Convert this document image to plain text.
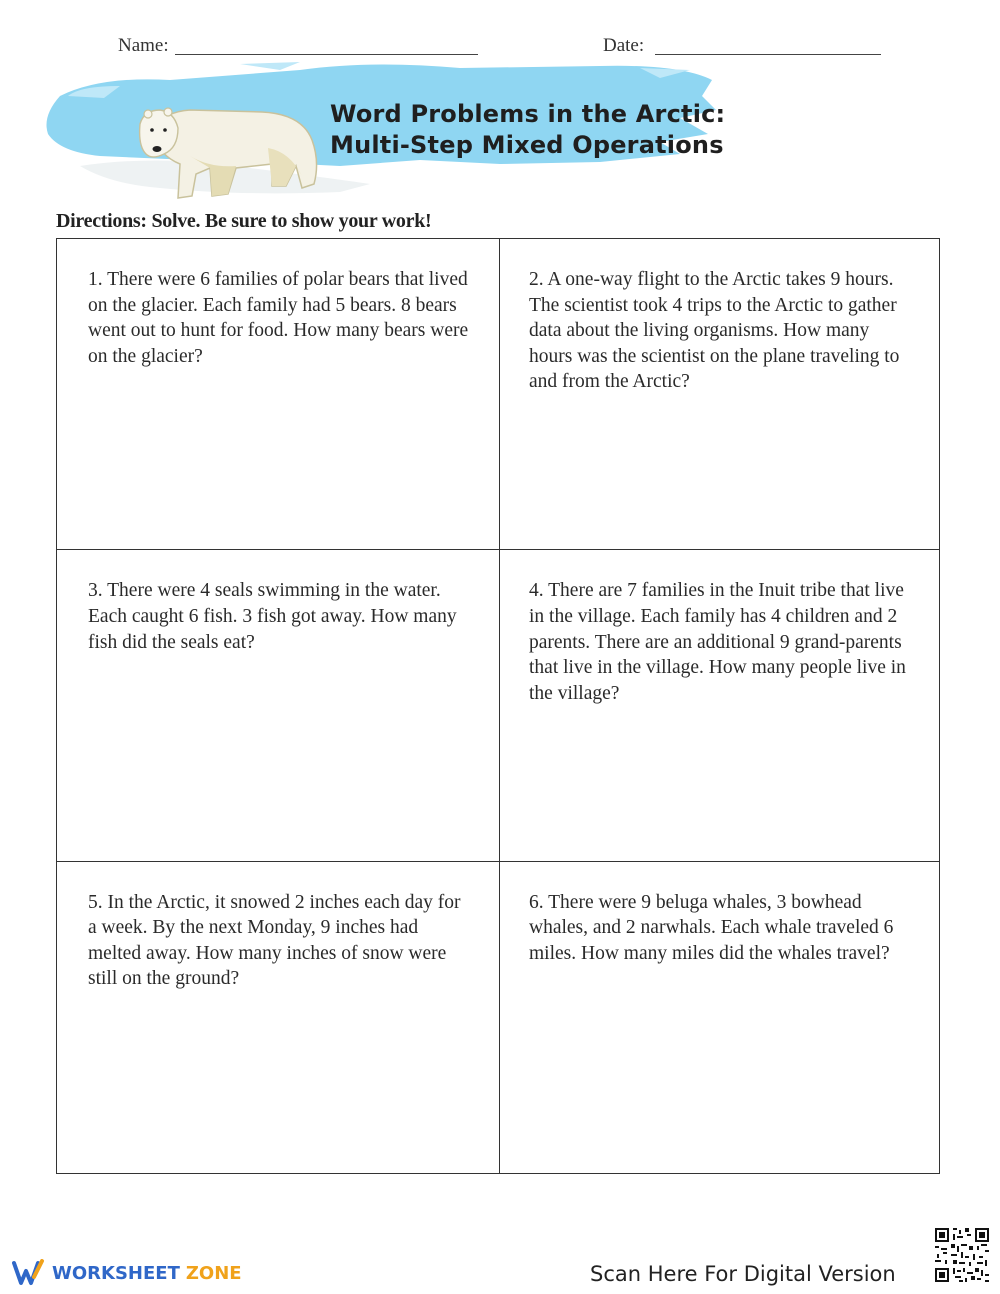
Name:	Date:
Word Problems in the Arctic:
Multi-Step Mixed Operations
Directions: Solve. Be sure to show your work!
1. There were 6 families of polar bears that lived on the glacier. Each family had 5 bears. 8 bears went out to hunt for food. How many bears were on the glacier?
2. A one-way flight to the Arctic takes 9 hours. The scientist took 4 trips to the Arctic to gather data about the living organisms. How many hours was the scientist on the plane traveling to and from the Arctic?
3. There were 4 seals swimming in the water. Each caught 6 fish. 3 fish got away. How many fish did the seals eat?
4. There are 7 families in the Inuit tribe that live in the village. Each family has 4 children and 2 parents. There are an additional 9 grand-parents that live in the village. How many people live in the village?
5. In the Arctic, it snowed 2 inches each day for a week. By the next Monday, 9 inches had melted away. How many inches of snow were still on the ground?
6. There were 9 beluga whales, 3 bowhead whales, and 2 narwhals. Each whale traveled 6 miles. How many miles did the whales travel?
WORKSHEET ZONE	Scan Here For Digital Version
